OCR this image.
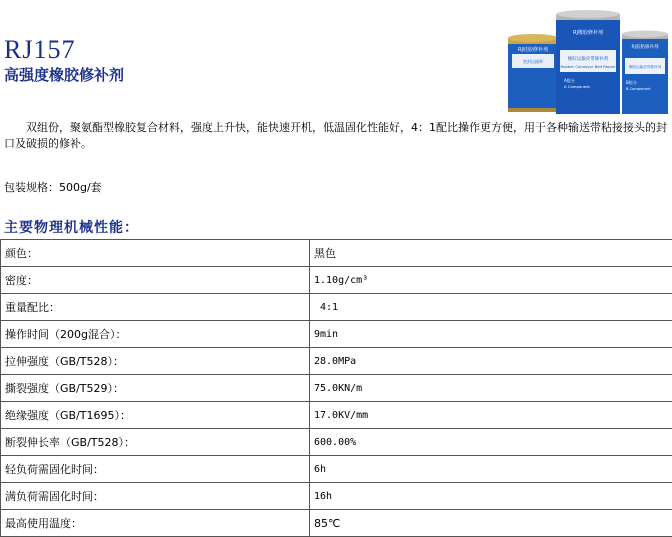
RJ157
高强度橡胶修补剂
RJ硅胶修补剂
密封运输带
RJ橡胶修补剂
橡胶运输皮带修补剂
Rubber Conveyor Belt Repair
A组分
A Component
RJ胶粘修补剂
橡胶运输皮带修补剂
B组分
B Component

双组份，聚氨酯型橡胶复合材料，强度上升快，能快速开机，低温固化性能好，4：1配比操作更方便，用于各种输送带粘接接头的封口及破损的修补。

包装规格：500g/套
主要物理机械性能：
颜色：	黑色
密度：	1.10g/cm³
重量配比：	4:1
操作时间（200g混合）：	9min
拉伸强度（GB/T528）：	28.0MPa
撕裂强度（GB/T529）：	75.0KN/m
绝缘强度（GB/T1695）：	17.0KV/mm
断裂伸长率（GB/T528）：	600.00%
轻负荷需固化时间：	6h
满负荷需固化时间：	16h
最高使用温度：	85℃
